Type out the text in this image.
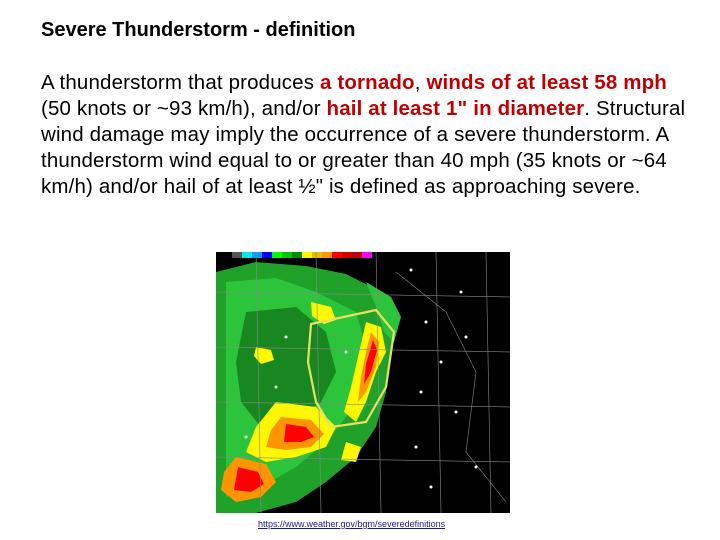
Severe Thunderstorm - definition

A thunderstorm that produces a tornado, winds of at least 58 mph (50 knots or ~93 km/h), and/or hail at least 1" in diameter. Structural wind damage may imply the occurrence of a severe thunderstorm. A thunderstorm wind equal to or greater than 40 mph (35 knots or ~64 km/h) and/or hail of at least ½" is defined as approaching severe.

https://www.weather.gov/bgm/severedefinitions
